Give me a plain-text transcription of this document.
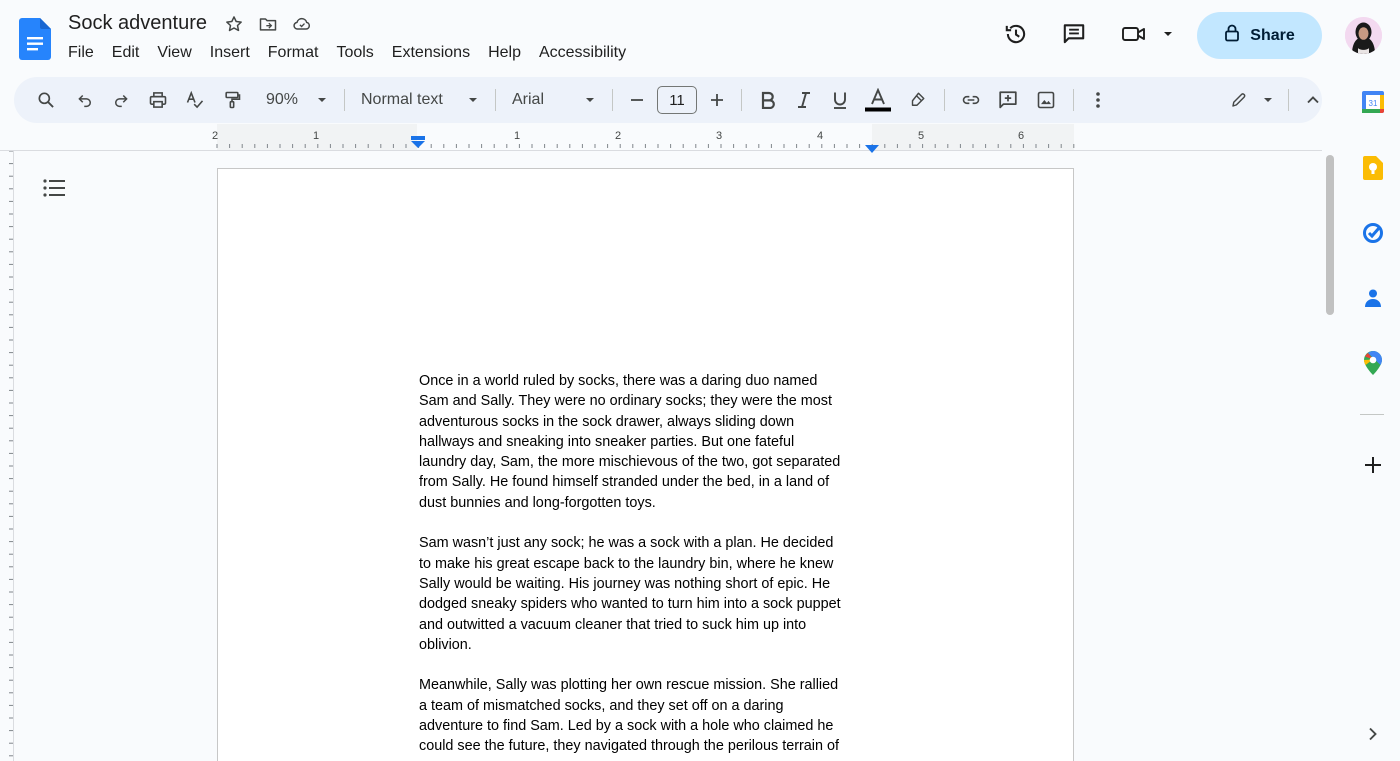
Sock adventure
File	Edit	View	Insert	Format	Tools	Extensions	Help	Accessibility
Share
90%	Normal text	Arial	11
2	1	1	2	3	4	5	6

Once in a world ruled by socks, there was a daring duo named
Sam and Sally. They were no ordinary socks; they were the most
adventurous socks in the sock drawer, always sliding down
hallways and sneaking into sneaker parties. But one fateful
laundry day, Sam, the more mischievous of the two, got separated
from Sally. He found himself stranded under the bed, in a land of
dust bunnies and long-forgotten toys.

Sam wasn’t just any sock; he was a sock with a plan. He decided
to make his great escape back to the laundry bin, where he knew
Sally would be waiting. His journey was nothing short of epic. He
dodged sneaky spiders who wanted to turn him into a sock puppet
and outwitted a vacuum cleaner that tried to suck him up into
oblivion.

Meanwhile, Sally was plotting her own rescue mission. She rallied
a team of mismatched socks, and they set off on a daring
adventure to find Sam. Led by a sock with a hole who claimed he
could see the future, they navigated through the perilous terrain of

31
